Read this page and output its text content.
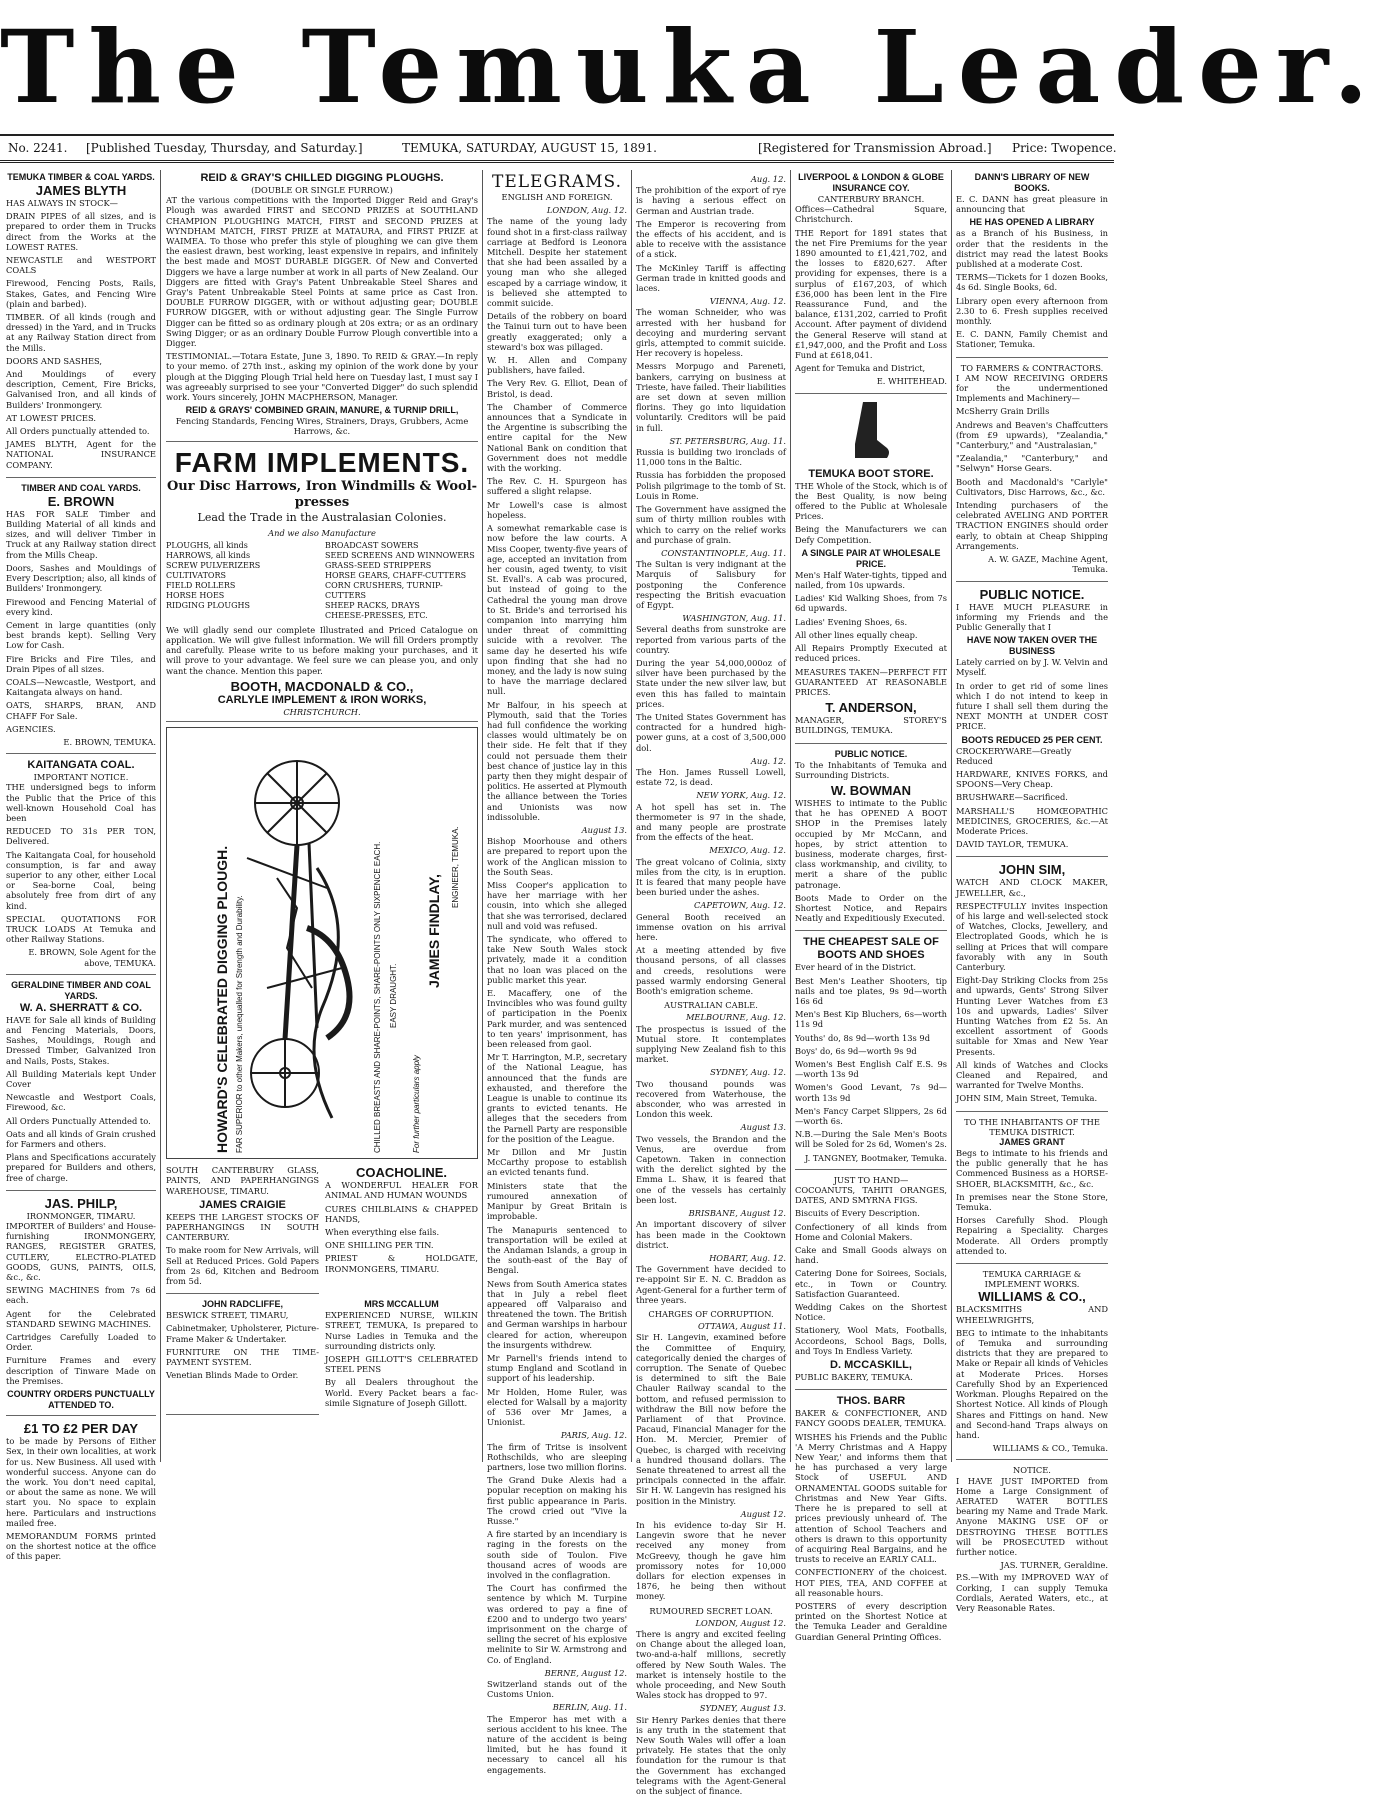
The Temuka Leader.
No. 2241. [Published Tuesday, Thursday, and Saturday.]	TEMUKA, SATURDAY, AUGUST 15, 1891.	[Registered for Transmission Abroad.] Price: Twopence.
TEMUKA TIMBER & COAL YARDS.
JAMES BLYTH

HAS ALWAYS IN STOCK—

DRAIN PIPES of all sizes, and is prepared to order them in Trucks direct from the Works at the LOWEST RATES.

NEWCASTLE and WESTPORT COALS

Firewood, Fencing Posts, Rails, Stakes, Gates, and Fencing Wire (plain and barbed).

TIMBER. Of all kinds (rough and dressed) in the Yard, and in Trucks at any Railway Station direct from the Mills.

DOORS AND SASHES,

And Mouldings of every description, Cement, Fire Bricks, Galvanised Iron, and all kinds of Builders' Ironmongery.

AT LOWEST PRICES.

All Orders punctually attended to.

JAMES BLYTH, Agent for the NATIONAL INSURANCE COMPANY.

TIMBER AND COAL YARDS.
E. BROWN

HAS FOR SALE Timber and Building Material of all kinds and sizes, and will deliver Timber in Truck at any Railway station direct from the Mills Cheap.

Doors, Sashes and Mouldings of Every Description; also, all kinds of Builders' Ironmongery.

Firewood and Fencing Material of every kind.

Cement in large quantities (only best brands kept). Selling Very Low for Cash.

Fire Bricks and Fire Tiles, and Drain Pipes of all sizes.

COALS—Newcastle, Westport, and Kaitangata always on hand.

OATS, SHARPS, BRAN, AND CHAFF For Sale.

AGENCIES.

E. BROWN, TEMUKA.

KAITANGATA COAL.
IMPORTANT NOTICE.

THE undersigned begs to inform the Public that the Price of this well-known Household Coal has been

REDUCED TO 31s PER TON, Delivered.

The Kaitangata Coal, for household consumption, is far and away superior to any other, either Local or Sea-borne Coal, being absolutely free from dirt of any kind.

SPECIAL QUOTATIONS FOR TRUCK LOADS At Temuka and other Railway Stations.

E. BROWN, Sole Agent for the above, TEMUKA.

GERALDINE TIMBER AND COAL YARDS.
W. A. SHERRATT & CO.

HAVE for Sale all kinds of Building and Fencing Materials, Doors, Sashes, Mouldings, Rough and Dressed Timber, Galvanized Iron and Nails, Posts, Stakes.

All Building Materials kept Under Cover

Newcastle and Westport Coals, Firewood, &c.

All Orders Punctually Attended to.

Oats and all kinds of Grain crushed for Farmers and others.

Plans and Specifications accurately prepared for Builders and others, free of charge.

JAS. PHILP,
IRONMONGER, TIMARU.

IMPORTER of Builders' and House-furnishing IRONMONGERY, RANGES, REGISTER GRATES, CUTLERY, ELECTRO-PLATED GOODS, GUNS, PAINTS, OILS, &c., &c.

SEWING MACHINES from 7s 6d each.

Agent for the Celebrated STANDARD SEWING MACHINES.

Cartridges Carefully Loaded to Order.

Furniture Frames and every description of Tinware Made on the Premises.

COUNTRY ORDERS PUNCTUALLY ATTENDED TO.
£1 TO £2 PER DAY

to be made by Persons of Either Sex, in their own localities, at work for us. New Business. All used with wonderful success. Anyone can do the work. You don't need capital, or about the same as none. We will start you. No space to explain here. Particulars and instructions mailed free.

MEMORANDUM FORMS printed on the shortest notice at the office of this paper.

REID & GRAY'S CHILLED DIGGING PLOUGHS.
(DOUBLE OR SINGLE FURROW.)

AT the various competitions with the Imported Digger Reid and Gray's Plough was awarded FIRST and SECOND PRIZES at SOUTHLAND CHAMPION PLOUGHING MATCH, FIRST and SECOND PRIZES at WYNDHAM MATCH, FIRST PRIZE at MATAURA, and FIRST PRIZE at WAIMEA. To those who prefer this style of ploughing we can give them the easiest drawn, best working, least expensive in repairs, and infinitely the best made and MOST DURABLE DIGGER. Of New and Converted Diggers we have a large number at work in all parts of New Zealand. Our Diggers are fitted with Gray's Patent Unbreakable Steel Shares and Gray's Patent Unbreakable Steel Points at same price as Cast Iron. DOUBLE FURROW DIGGER, with or without adjusting gear; DOUBLE FURROW DIGGER, with or without adjusting gear. The Single Furrow Digger can be fitted so as ordinary plough at 20s extra; or as an ordinary Swing Digger; or as an ordinary Double Furrow Plough convertible into a Digger.

TESTIMONIAL.—Totara Estate, June 3, 1890. To REID & GRAY.—In reply to your memo. of 27th inst., asking my opinion of the work done by your plough at the Digging Plough Trial held here on Tuesday last, I must say I was agreeably surprised to see your "Converted Digger" do such splendid work. Yours sincerely, JOHN MACPHERSON, Manager.

REID & GRAYS' COMBINED GRAIN, MANURE, & TURNIP DRILL,
Fencing Standards, Fencing Wires, Strainers, Drays, Grubbers, Acme Harrows, &c.
FARM IMPLEMENTS.
Our Disc Harrows, Iron Windmills & Wool-presses
Lead the Trade in the Australasian Colonies.
And we also Manufacture
PLOUGHS, all kinds
HARROWS, all kinds
SCREW PULVERIZERS
CULTIVATORS
FIELD ROLLERS
HORSE HOES
RIDGING PLOUGHS
BROADCAST SOWERS
SEED SCREENS AND WINNOWERS
GRASS-SEED STRIPPERS
HORSE GEARS, CHAFF-CUTTERS
CORN CRUSHERS, TURNIP-CUTTERS
SHEEP RACKS, DRAYS
CHEESE-PRESSES, ETC.

We will gladly send our complete Illustrated and Priced Catalogue on application. We will give fullest information. We will fill Orders promptly and carefully. Please write to us before making your purchases, and it will prove to your advantage. We feel sure we can please you, and only want the chance. Mention this paper.

BOOTH, MACDONALD & CO.,
CARLYLE IMPLEMENT & IRON WORKS,
CHRISTCHURCH.
HOWARD'S CELEBRATED DIGGING PLOUGH. FAR SUPERIOR to other Makers, unequalled for Strength and Durability.	CHILLED BREASTS AND SHARE-POINTS, SHARE-POINTS ONLY SIXPENCE EACH. EASY DRAUGHT.
For further particulars apply
JAMES FINDLAY,
ENGINEER, TEMUKA.

SOUTH CANTERBURY GLASS, PAINTS, AND PAPERHANGINGS WAREHOUSE, TIMARU.

JAMES CRAIGIE

KEEPS THE LARGEST STOCKS OF PAPERHANGINGS IN SOUTH CANTERBURY.

To make room for New Arrivals, will Sell at Reduced Prices. Gold Papers from 2s 6d, Kitchen and Bedroom from 5d.

COACHOLINE.

A WONDERFUL HEALER FOR ANIMAL AND HUMAN WOUNDS

CURES CHILBLAINS & CHAPPED HANDS,

When everything else fails.

ONE SHILLING PER TIN.

PRIEST & HOLDGATE, IRONMONGERS, TIMARU.

JOHN RADCLIFFE,

BESWICK STREET, TIMARU,

Cabinetmaker, Upholsterer, Picture-Frame Maker & Undertaker.

FURNITURE ON THE TIME-PAYMENT SYSTEM.

Venetian Blinds Made to Order.

MRS MCCALLUM

EXPERIENCED NURSE, WILKIN STREET, TEMUKA, Is prepared to Nurse Ladies in Temuka and the surrounding districts only.

JOSEPH GILLOTT'S CELEBRATED STEEL PENS

By all Dealers throughout the World. Every Packet bears a fac-simile Signature of Joseph Gillott.

TELEGRAMS.
ENGLISH AND FOREIGN.
LONDON, Aug. 12.

The name of the young lady found shot in a first-class railway carriage at Bedford is Leonora Mitchell. Despite her statement that she had been assailed by a young man who she alleged escaped by a carriage window, it is believed she attempted to commit suicide.

Details of the robbery on board the Tainui turn out to have been greatly exaggerated; only a steward's box was pillaged.

W. H. Allen and Company publishers, have failed.

The Very Rev. G. Elliot, Dean of Bristol, is dead.

The Chamber of Commerce announces that a Syndicate in the Argentine is subscribing the entire capital for the New National Bank on condition that Government does not meddle with the working.

The Rev. C. H. Spurgeon has suffered a slight relapse.

Mr Lowell's case is almost hopeless.

A somewhat remarkable case is now before the law courts. A Miss Cooper, twenty-five years of age, accepted an invitation from her cousin, aged twenty, to visit St. Evall's. A cab was procured, but instead of going to the Cathedral the young man drove to St. Bride's and terrorised his companion into marrying him under threat of committing suicide with a revolver. The same day he deserted his wife upon finding that she had no money, and the lady is now suing to have the marriage declared null.

Mr Balfour, in his speech at Plymouth, said that the Tories had full confidence the working classes would ultimately be on their side. He felt that if they could not persuade them their best chance of justice lay in this party then they might despair of politics. He asserted at Plymouth the alliance between the Tories and Unionists was now indissoluble.

August 13.

Bishop Moorhouse and others are prepared to report upon the work of the Anglican mission to the South Seas.

Miss Cooper's application to have her marriage with her cousin, into which she alleged that she was terrorised, declared null and void was refused.

The syndicate, who offered to take New South Wales stock privately, made it a condition that no loan was placed on the public market this year.

E. Macaffery, one of the Invincibles who was found guilty of participation in the Poenix Park murder, and was sentenced to ten years' imprisonment, has been released from gaol.

Mr T. Harrington, M.P., secretary of the National League, has announced that the funds are exhausted, and therefore the League is unable to continue its grants to evicted tenants. He alleges that the seceders from the Parnell Party are responsible for the position of the League.

Mr Dillon and Mr Justin McCarthy propose to establish an evicted tenants fund.

Ministers state that the rumoured annexation of Manipur by Great Britain is improbable.

The Manapuris sentenced to transportation will be exiled at the Andaman Islands, a group in the south-east of the Bay of Bengal.

News from South America states that in July a rebel fleet appeared off Valparaiso and threatened the town. The British and German warships in harbour cleared for action, whereupon the insurgents withdrew.

Mr Parnell's friends intend to stump England and Scotland in support of his leadership.

Mr Holden, Home Ruler, was elected for Walsall by a majority of 536 over Mr James, a Unionist.

PARIS, Aug. 12.

The firm of Tritse is insolvent Rothschilds, who are sleeping partners, lose two million florins.

The Grand Duke Alexis had a popular reception on making his first public appearance in Paris. The crowd cried out "Vive la Russe."

A fire started by an incendiary is raging in the forests on the south side of Toulon. Five thousand acres of woods are involved in the conflagration.

The Court has confirmed the sentence by which M. Turpine was ordered to pay a fine of £200 and to undergo two years' imprisonment on the charge of selling the secret of his explosive melinite to Sir W. Armstrong and Co. of England.

BERNE, August 12.

Switzerland stands out of the Customs Union.

BERLIN, Aug. 11.

The Emperor has met with a serious accident to his knee. The nature of the accident is being limited, but he has found it necessary to cancel all his engagements.

Aug. 12.

The prohibition of the export of rye is having a serious effect on German and Austrian trade.

The Emperor is recovering from the effects of his accident, and is able to receive with the assistance of a stick.

The McKinley Tariff is affecting German trade in knitted goods and laces.

VIENNA, Aug. 12.

The woman Schneider, who was arrested with her husband for decoying and murdering servant girls, attempted to commit suicide. Her recovery is hopeless.

Messrs Morpugo and Pareneti, bankers, carrying on business at Trieste, have failed. Their liabilities are set down at seven million florins. They go into liquidation voluntarily. Creditors will be paid in full.

ST. PETERSBURG, Aug. 11.

Russia is building two ironclads of 11,000 tons in the Baltic.

Russia has forbidden the proposed Polish pilgrimage to the tomb of St. Louis in Rome.

The Government have assigned the sum of thirty million roubles with which to carry on the relief works and purchase of grain.

CONSTANTINOPLE, Aug. 11.

The Sultan is very indignant at the Marquis of Salisbury for postponing the Conference respecting the British evacuation of Egypt.

WASHINGTON, Aug. 11.

Several deaths from sunstroke are reported from various parts of the country.

During the year 54,000,000oz of silver have been purchased by the State under the new silver law, but even this has failed to maintain prices.

The United States Government has contracted for a hundred high-power guns, at a cost of 3,500,000 dol.

Aug. 12.

The Hon. James Russell Lowell, estate 72, is dead.

NEW YORK, Aug. 12.

A hot spell has set in. The thermometer is 97 in the shade, and many people are prostrate from the effects of the heat.

MEXICO, Aug. 12.

The great volcano of Colinia, sixty miles from the city, is in eruption. It is feared that many people have been buried under the ashes.

CAPETOWN, Aug. 12.

General Booth received an immense ovation on his arrival here.

At a meeting attended by five thousand persons, of all classes and creeds, resolutions were passed warmly endorsing General Booth's emigration scheme.

AUSTRALIAN CABLE.
MELBOURNE, Aug. 12.

The prospectus is issued of the Mutual store. It contemplates supplying New Zealand fish to this market.

SYDNEY, Aug. 12.

Two thousand pounds was recovered from Waterhouse, the absconder, who was arrested in London this week.

August 13.

Two vessels, the Brandon and the Venus, are overdue from Capetown. Taken in connection with the derelict sighted by the Emma L. Shaw, it is feared that one of the vessels has certainly been lost.

BRISBANE, August 12.

An important discovery of silver has been made in the Cooktown district.

HOBART, Aug. 12.

The Government have decided to re-appoint Sir E. N. C. Braddon as Agent-General for a further term of three years.

CHARGES OF CORRUPTION.
OTTAWA, August 11.

Sir H. Langevin, examined before the Committee of Enquiry, categorically denied the charges of corruption. The Senate of Quebec is determined to sift the Baie Chauler Railway scandal to the bottom, and refused permission to withdraw the Bill now before the Parliament of that Province. Pacaud, Financial Manager for the Hon. M. Mercier, Premier of Quebec, is charged with receiving a hundred thousand dollars. The Senate threatened to arrest all the principals connected in the affair. Sir H. W. Langevin has resigned his position in the Ministry.

August 12.

In his evidence to-day Sir H. Langevin swore that he never received any money from McGreevy, though he gave him promissory notes for 10,000 dollars for election expenses in 1876, he being then without money.

RUMOURED SECRET LOAN.
LONDON, August 12.

There is angry and excited feeling on Change about the alleged loan, two-and-a-half millions, secretly offered by New South Wales. The market is intensely hostile to the whole proceeding, and New South Wales stock has dropped to 97.

SYDNEY, August 13.

Sir Henry Parkes denies that there is any truth in the statement that New South Wales will offer a loan privately. He states that the only foundation for the rumour is that the Government has exchanged telegrams with the Agent-General on the subject of finance.

LIVERPOOL & LONDON & GLOBE INSURANCE COY.
CANTERBURY BRANCH.

Offices—Cathedral Square, Christchurch.

THE Report for 1891 states that the net Fire Premiums for the year 1890 amounted to £1,421,702, and the losses to £820,627. After providing for expenses, there is a surplus of £167,203, of which £36,000 has been lent in the Fire Reassurance Fund, and the balance, £131,202, carried to Profit Account. After payment of dividend the General Reserve will stand at £1,947,000, and the Profit and Loss Fund at £618,041.

Agent for Temuka and District,

E. WHITEHEAD.

TEMUKA BOOT STORE.

THE Whole of the Stock, which is of the Best Quality, is now being offered to the Public at Wholesale Prices.

Being the Manufacturers we can Defy Competition.

A SINGLE PAIR AT WHOLESALE PRICE.

Men's Half Water-tights, tipped and nailed, from 10s upwards.

Ladies' Kid Walking Shoes, from 7s 6d upwards.

Ladies' Evening Shoes, 6s.

All other lines equally cheap.

All Repairs Promptly Executed at reduced prices.

MEASURES TAKEN—PERFECT FIT GUARANTEED AT REASONABLE PRICES.

T. ANDERSON,

MANAGER, STOREY'S BUILDINGS, TEMUKA.

PUBLIC NOTICE.

To the Inhabitants of Temuka and Surrounding Districts.

W. BOWMAN

WISHES to intimate to the Public that he has OPENED A BOOT SHOP in the Premises lately occupied by Mr McCann, and hopes, by strict attention to business, moderate charges, first-class workmanship, and civility, to merit a share of the public patronage.

Boots Made to Order on the Shortest Notice, and Repairs Neatly and Expeditiously Executed.

THE CHEAPEST SALE OF BOOTS AND SHOES

Ever heard of in the District.

Best Men's Leather Shooters, tip nails and toe plates, 9s 9d—worth 16s 6d

Men's Best Kip Bluchers, 6s—worth 11s 9d

Youths' do, 8s 9d—worth 13s 9d

Boys' do, 6s 9d—worth 9s 9d

Women's Best English Calf E.S. 9s—worth 13s 9d

Women's Good Levant, 7s 9d—worth 13s 9d

Men's Fancy Carpet Slippers, 2s 6d—worth 6s.

N.B.—During the Sale Men's Boots will be Soled for 2s 6d, Women's 2s.

J. TANGNEY, Bootmaker, Temuka.

JUST TO HAND—

COCOANUTS, TAHITI ORANGES, DATES, AND SMYRNA FIGS.

Biscuits of Every Description.

Confectionery of all kinds from Home and Colonial Makers.

Cake and Small Goods always on hand.

Catering Done for Soirees, Socials, etc., in Town or Country. Satisfaction Guaranteed.

Wedding Cakes on the Shortest Notice.

Stationery, Wool Mats, Footballs, Accordeons, School Bags, Dolls, and Toys In Endless Variety.

D. MCCASKILL,

PUBLIC BAKERY, TEMUKA.

THOS. BARR

BAKER & CONFECTIONER, AND FANCY GOODS DEALER, TEMUKA.

WISHES his Friends and the Public 'A Merry Christmas and A Happy New Year,' and informs them that he has purchased a very large Stock of USEFUL AND ORNAMENTAL GOODS suitable for Christmas and New Year Gifts. There he is prepared to sell at prices previously unheard of. The attention of School Teachers and others is drawn to this opportunity of acquiring Real Bargains, and he trusts to receive an EARLY CALL.

CONFECTIONERY of the choicest. HOT PIES, TEA, AND COFFEE at all reasonable hours.

POSTERS of every description printed on the Shortest Notice at the Temuka Leader and Geraldine Guardian General Printing Offices.

DANN'S LIBRARY OF NEW BOOKS.

E. C. DANN has great pleasure in announcing that

HE HAS OPENED A LIBRARY

as a Branch of his Business, in order that the residents in the district may read the latest Books published at a moderate Cost.

TERMS—Tickets for 1 dozen Books, 4s 6d. Single Books, 6d.

Library open every afternoon from 2.30 to 6. Fresh supplies received monthly.

E. C. DANN, Family Chemist and Stationer, Temuka.

TO FARMERS & CONTRACTORS.

I AM NOW RECEIVING ORDERS for the undermentioned Implements and Machinery—

McSherry Grain Drills

Andrews and Beaven's Chaffcutters (from £9 upwards), "Zealandia," "Canterbury," and "Australasian,"

"Zealandia," "Canterbury," and "Selwyn" Horse Gears.

Booth and Macdonald's "Carlyle" Cultivators, Disc Harrows, &c., &c.

Intending purchasers of the celebrated AVELING AND PORTER TRACTION ENGINES should order early, to obtain at Cheap Shipping Arrangements.

A. W. GAZE, Machine Agent, Temuka.

PUBLIC NOTICE.

I HAVE MUCH PLEASURE in informing my Friends and the Public Generally that I

HAVE NOW TAKEN OVER THE BUSINESS

Lately carried on by J. W. Velvin and Myself.

In order to get rid of some lines which I do not intend to keep in future I shall sell them during the NEXT MONTH at UNDER COST PRICE.

BOOTS REDUCED 25 PER CENT.

CROCKERYWARE—Greatly Reduced

HARDWARE, KNIVES FORKS, and SPOONS—Very Cheap.

BRUSHWARE—Sacrificed.

MARSHALL'S HOMŒOPATHIC MEDICINES, GROCERIES, &c.—At Moderate Prices.

DAVID TAYLOR, TEMUKA.

JOHN SIM,

WATCH AND CLOCK MAKER, JEWELLER, &c.,

RESPECTFULLY invites inspection of his large and well-selected stock of Watches, Clocks, Jewellery, and Electroplated Goods, which he is selling at Prices that will compare favorably with any in South Canterbury.

Eight-Day Striking Clocks from 25s and upwards, Gents' Strong Silver Hunting Lever Watches from £3 10s and upwards, Ladies' Silver Hunting Watches from £2 5s. An excellent assortment of Goods suitable for Xmas and New Year Presents.

All kinds of Watches and Clocks Cleaned and Repaired, and warranted for Twelve Months.

JOHN SIM, Main Street, Temuka.

TO THE INHABITANTS OF THE TEMUKA DISTRICT.
JAMES GRANT

Begs to intimate to his friends and the public generally that he has Commenced Business as a HORSE-SHOER, BLACKSMITH, &c., &c.

In premises near the Stone Store, Temuka.

Horses Carefully Shod. Plough Repairing a Speciality. Charges Moderate. All Orders promptly attended to.

TEMUKA CARRIAGE & IMPLEMENT WORKS.
WILLIAMS & CO.,

BLACKSMITHS AND WHEELWRIGHTS,

BEG to intimate to the inhabitants of Temuka and surrounding districts that they are prepared to Make or Repair all kinds of Vehicles at Moderate Prices. Horses Carefully Shod by an Experienced Workman. Ploughs Repaired on the Shortest Notice. All kinds of Plough Shares and Fittings on hand. New and Second-hand Traps always on hand.

WILLIAMS & CO., Temuka.

NOTICE.

I HAVE JUST IMPORTED from Home a Large Consignment of AERATED WATER BOTTLES bearing my Name and Trade Mark. Anyone MAKING USE OF or DESTROYING THESE BOTTLES will be PROSECUTED without further notice.

JAS. TURNER, Geraldine.

P.S.—With my IMPROVED WAY of Corking, I can supply Temuka Cordials, Aerated Waters, etc., at Very Reasonable Rates.
